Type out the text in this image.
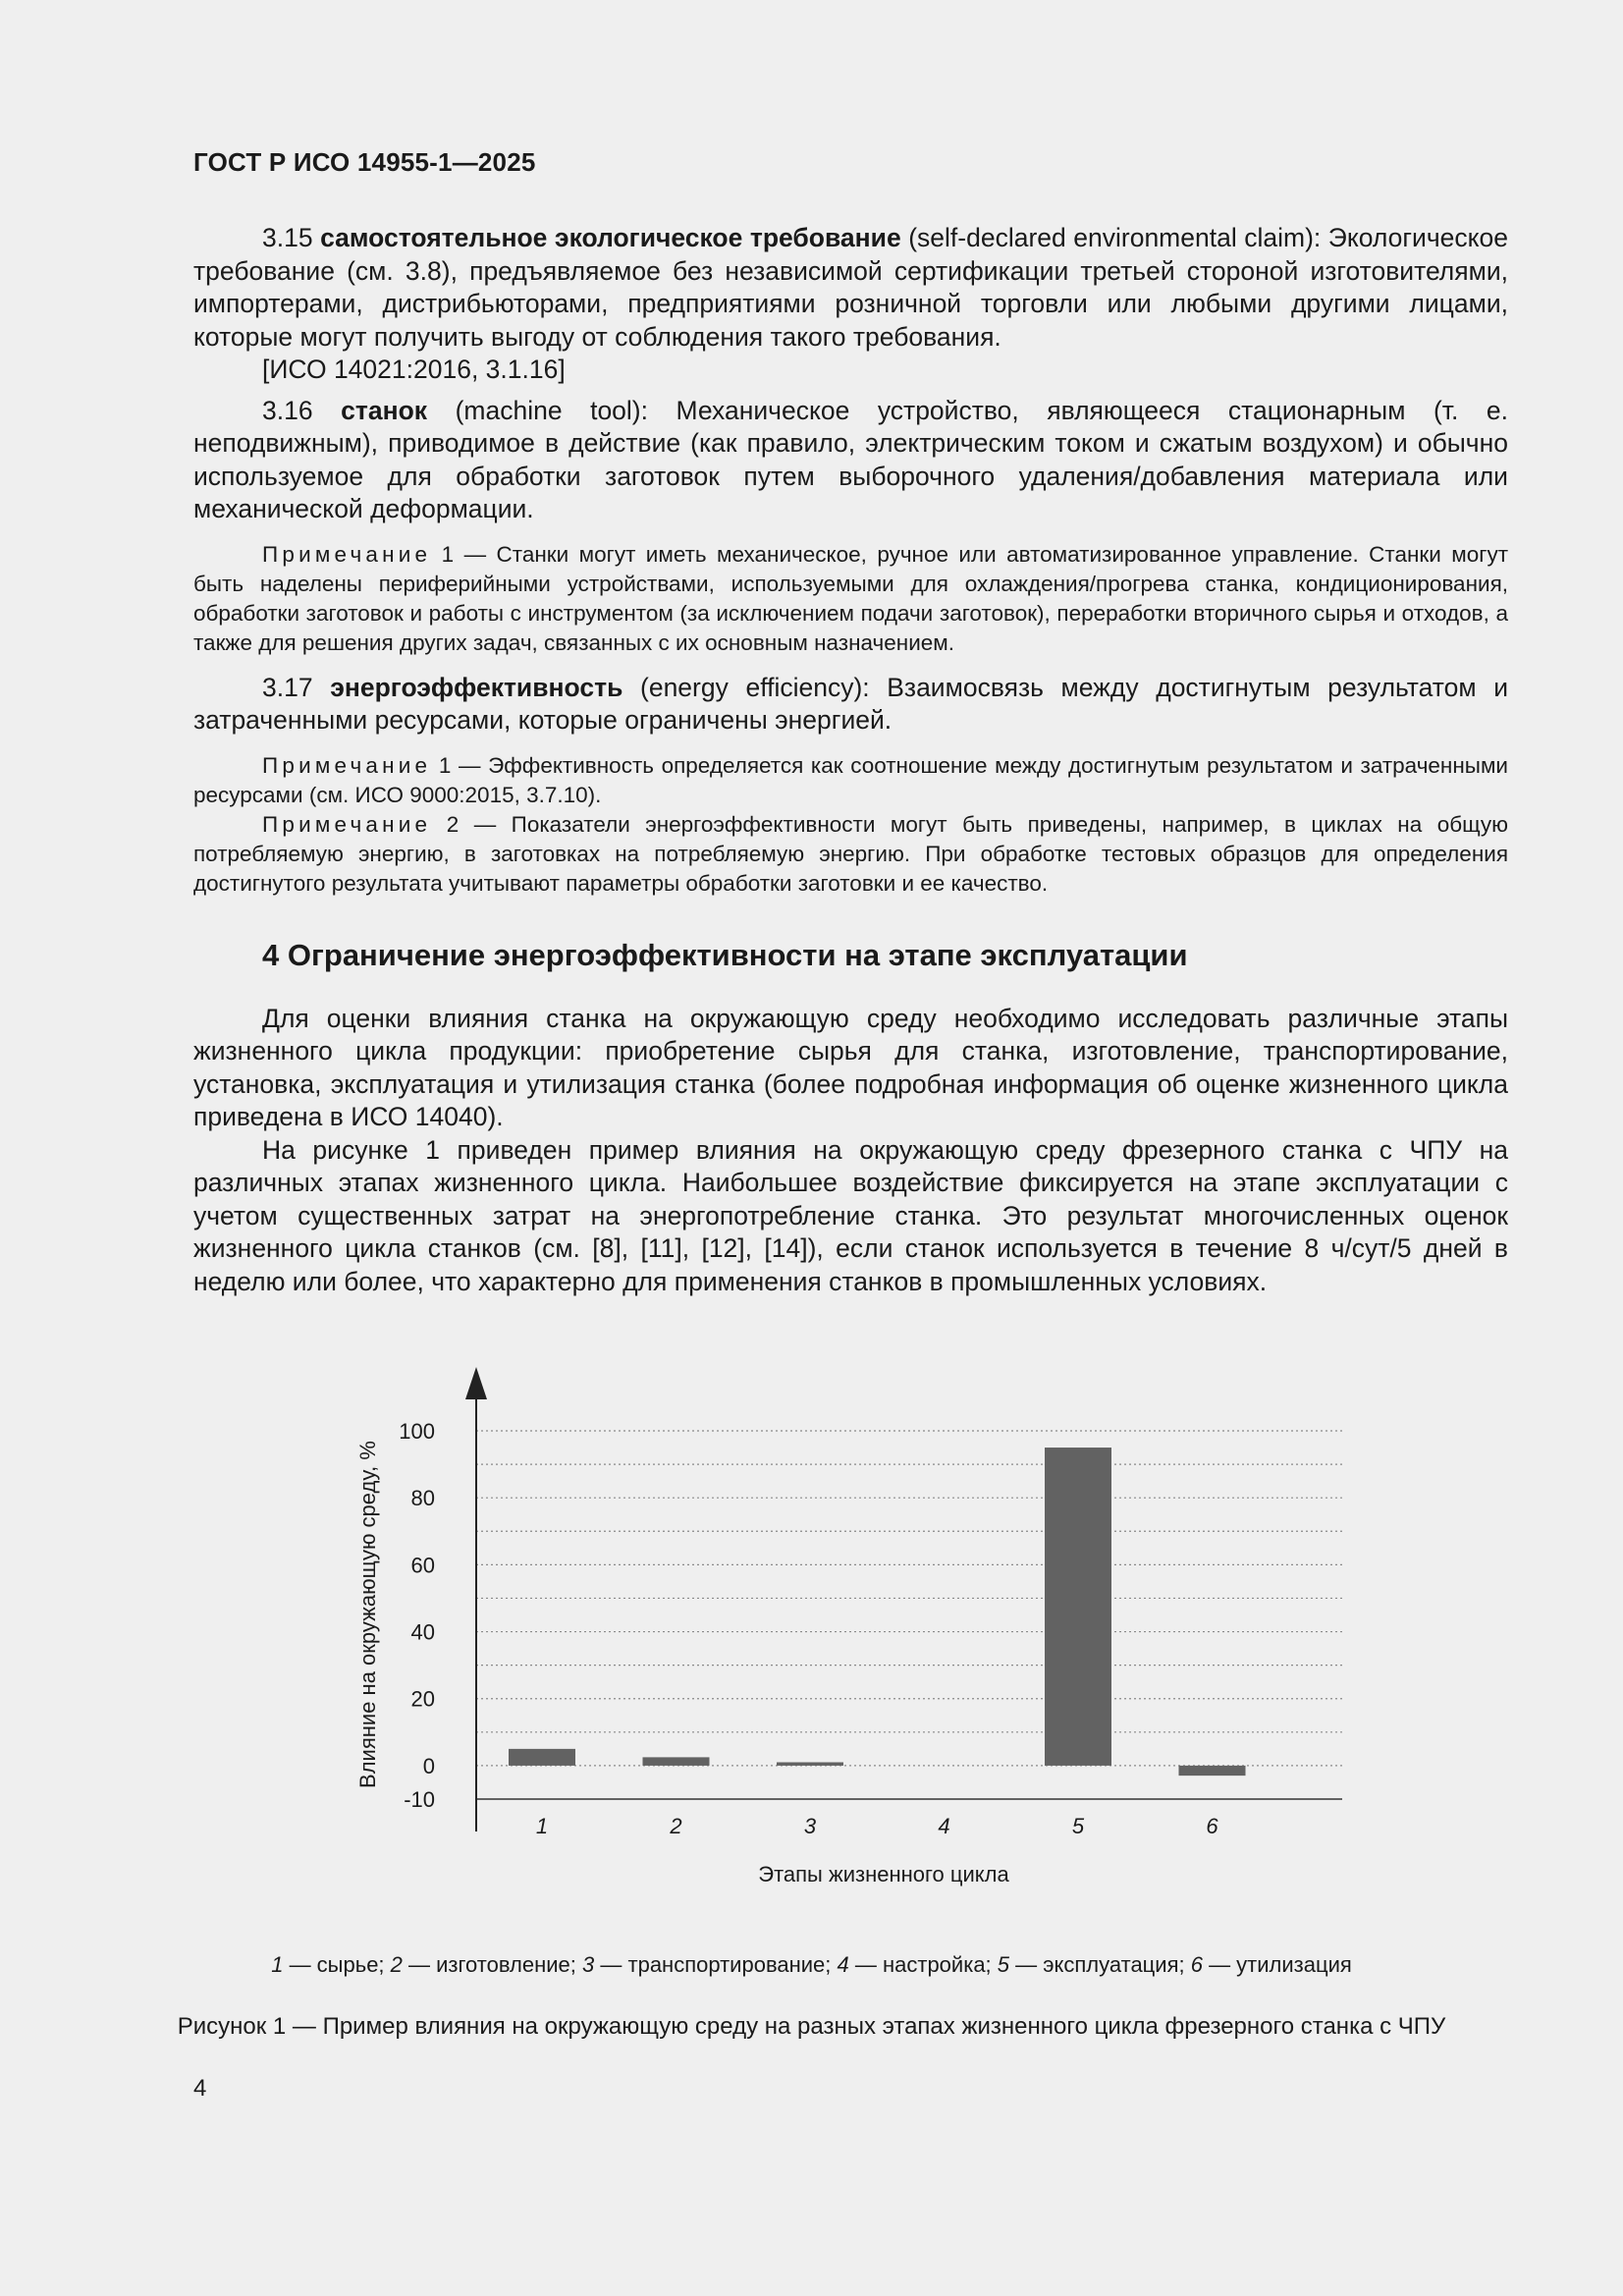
ГОСТ Р ИСО 14955-1—2025

3.15 самостоятельное экологическое требование (self-declared environmental claim): Экологическое требование (см. 3.8), предъявляемое без независимой сертификации третьей стороной изготовителями, импортерами, дистрибьюторами, предприятиями розничной торговли или любыми другими лицами, которые могут получить выгоду от соблюдения такого требования.

[ИСО 14021:2016, 3.1.16]

3.16 станок (machine tool): Механическое устройство, являющееся стационарным (т. е. неподвижным), приводимое в действие (как правило, электрическим током и сжатым воздухом) и обычно используемое для обработки заготовок путем выборочного удаления/добавления материала или механической деформации.

Примечание 1 — Станки могут иметь механическое, ручное или автоматизированное управление. Станки могут быть наделены периферийными устройствами, используемыми для охлаждения/прогрева станка, кондиционирования, обработки заготовок и работы с инструментом (за исключением подачи заготовок), переработки вторичного сырья и отходов, а также для решения других задач, связанных с их основным назначением.

3.17 энергоэффективность (energy efficiency): Взаимосвязь между достигнутым результатом и затраченными ресурсами, которые ограничены энергией.

Примечание 1 — Эффективность определяется как соотношение между достигнутым результатом и затраченными ресурсами (см. ИСО 9000:2015, 3.7.10).

Примечание 2 — Показатели энергоэффективности могут быть приведены, например, в циклах на общую потребляемую энергию, в заготовках на потребляемую энергию. При обработке тестовых образцов для определения достигнутого результата учитывают параметры обработки заготовки и ее качество.

4 Ограничение энергоэффективности на этапе эксплуатации

Для оценки влияния станка на окружающую среду необходимо исследовать различные этапы жизненного цикла продукции: приобретение сырья для станка, изготовление, транспортирование, установка, эксплуатация и утилизация станка (более подробная информация об оценке жизненного цикла приведена в ИСО 14040).

На рисунке 1 приведен пример влияния на окружающую среду фрезерного станка с ЧПУ на различных этапах жизненного цикла. Наибольшее воздействие фиксируется на этапе эксплуатации с учетом существенных затрат на энергопотребление станка. Это результат многочисленных оценок жизненного цикла станков (см. [8], [11], [12], [14]), если станок используется в течение 8 ч/сут/5 дней в неделю или более, что характерно для применения станков в промышленных условиях.

100
80
60
40
20
0
-10
1	2	3	4	5	6
Этапы жизненного цикла
Влияние на окружающую среду, %
1 — сырье; 2 — изготовление; 3 — транспортирование; 4 — настройка; 5 — эксплуатация; 6 — утилизация
Рисунок 1 — Пример влияния на окружающую среду на разных этапах жизненного цикла фрезерного станка с ЧПУ
4
